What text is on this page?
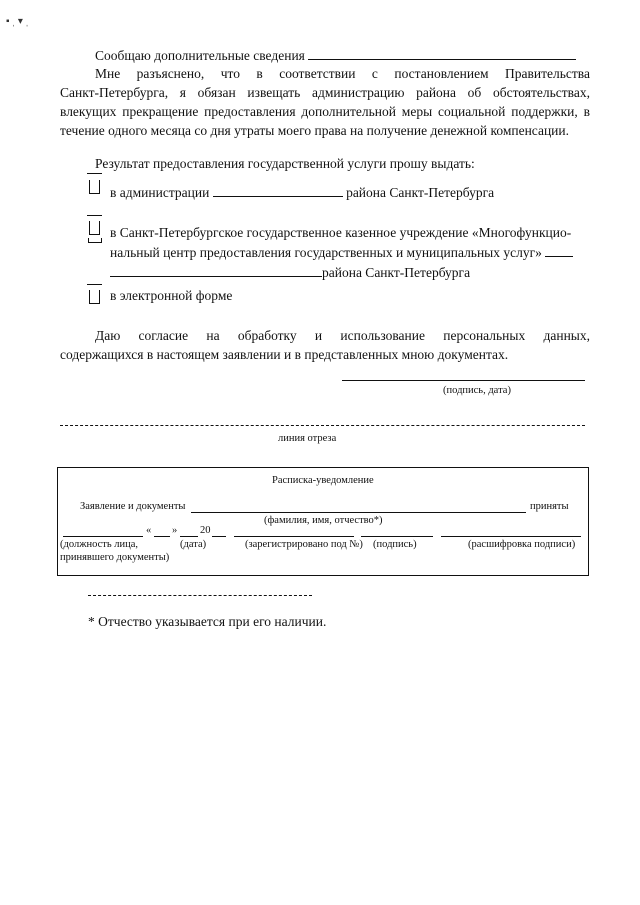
▪ ˌ ▾ ˌ
Сообщаю дополнительные сведения
Мне разъяснено, что в соответствии с постановлением Правительства
Санкт-Петербурга, я обязан извещать администрацию района об обстоятельствах,
влекущих прекращение предоставления дополнительной меры социальной поддержки, в
течение одного месяца со дня утраты моего права на получение денежной компенсации.
Результат предоставления государственной услуги прошу выдать:
в администрации	района Санкт-Петербурга
в Санкт-Петербургское государственное казенное учреждение «Многофункцио-
нальный центр предоставления государственных и муниципальных услуг»
района Санкт-Петербурга
в электронной форме
Даю согласие на обработку и использование персональных данных,
содержащихся в настоящем заявлении и в представленных мною документах.
(подпись, дата)
линия отреза
Расписка-уведомление
Заявление и документы	приняты
(фамилия, имя, отчество*)
« » 20
(должность лица,
принявшего документы)
(дата)	(зарегистрировано под №) (подпись)	(расшифровка подписи)
* Отчество указывается при его наличии.
